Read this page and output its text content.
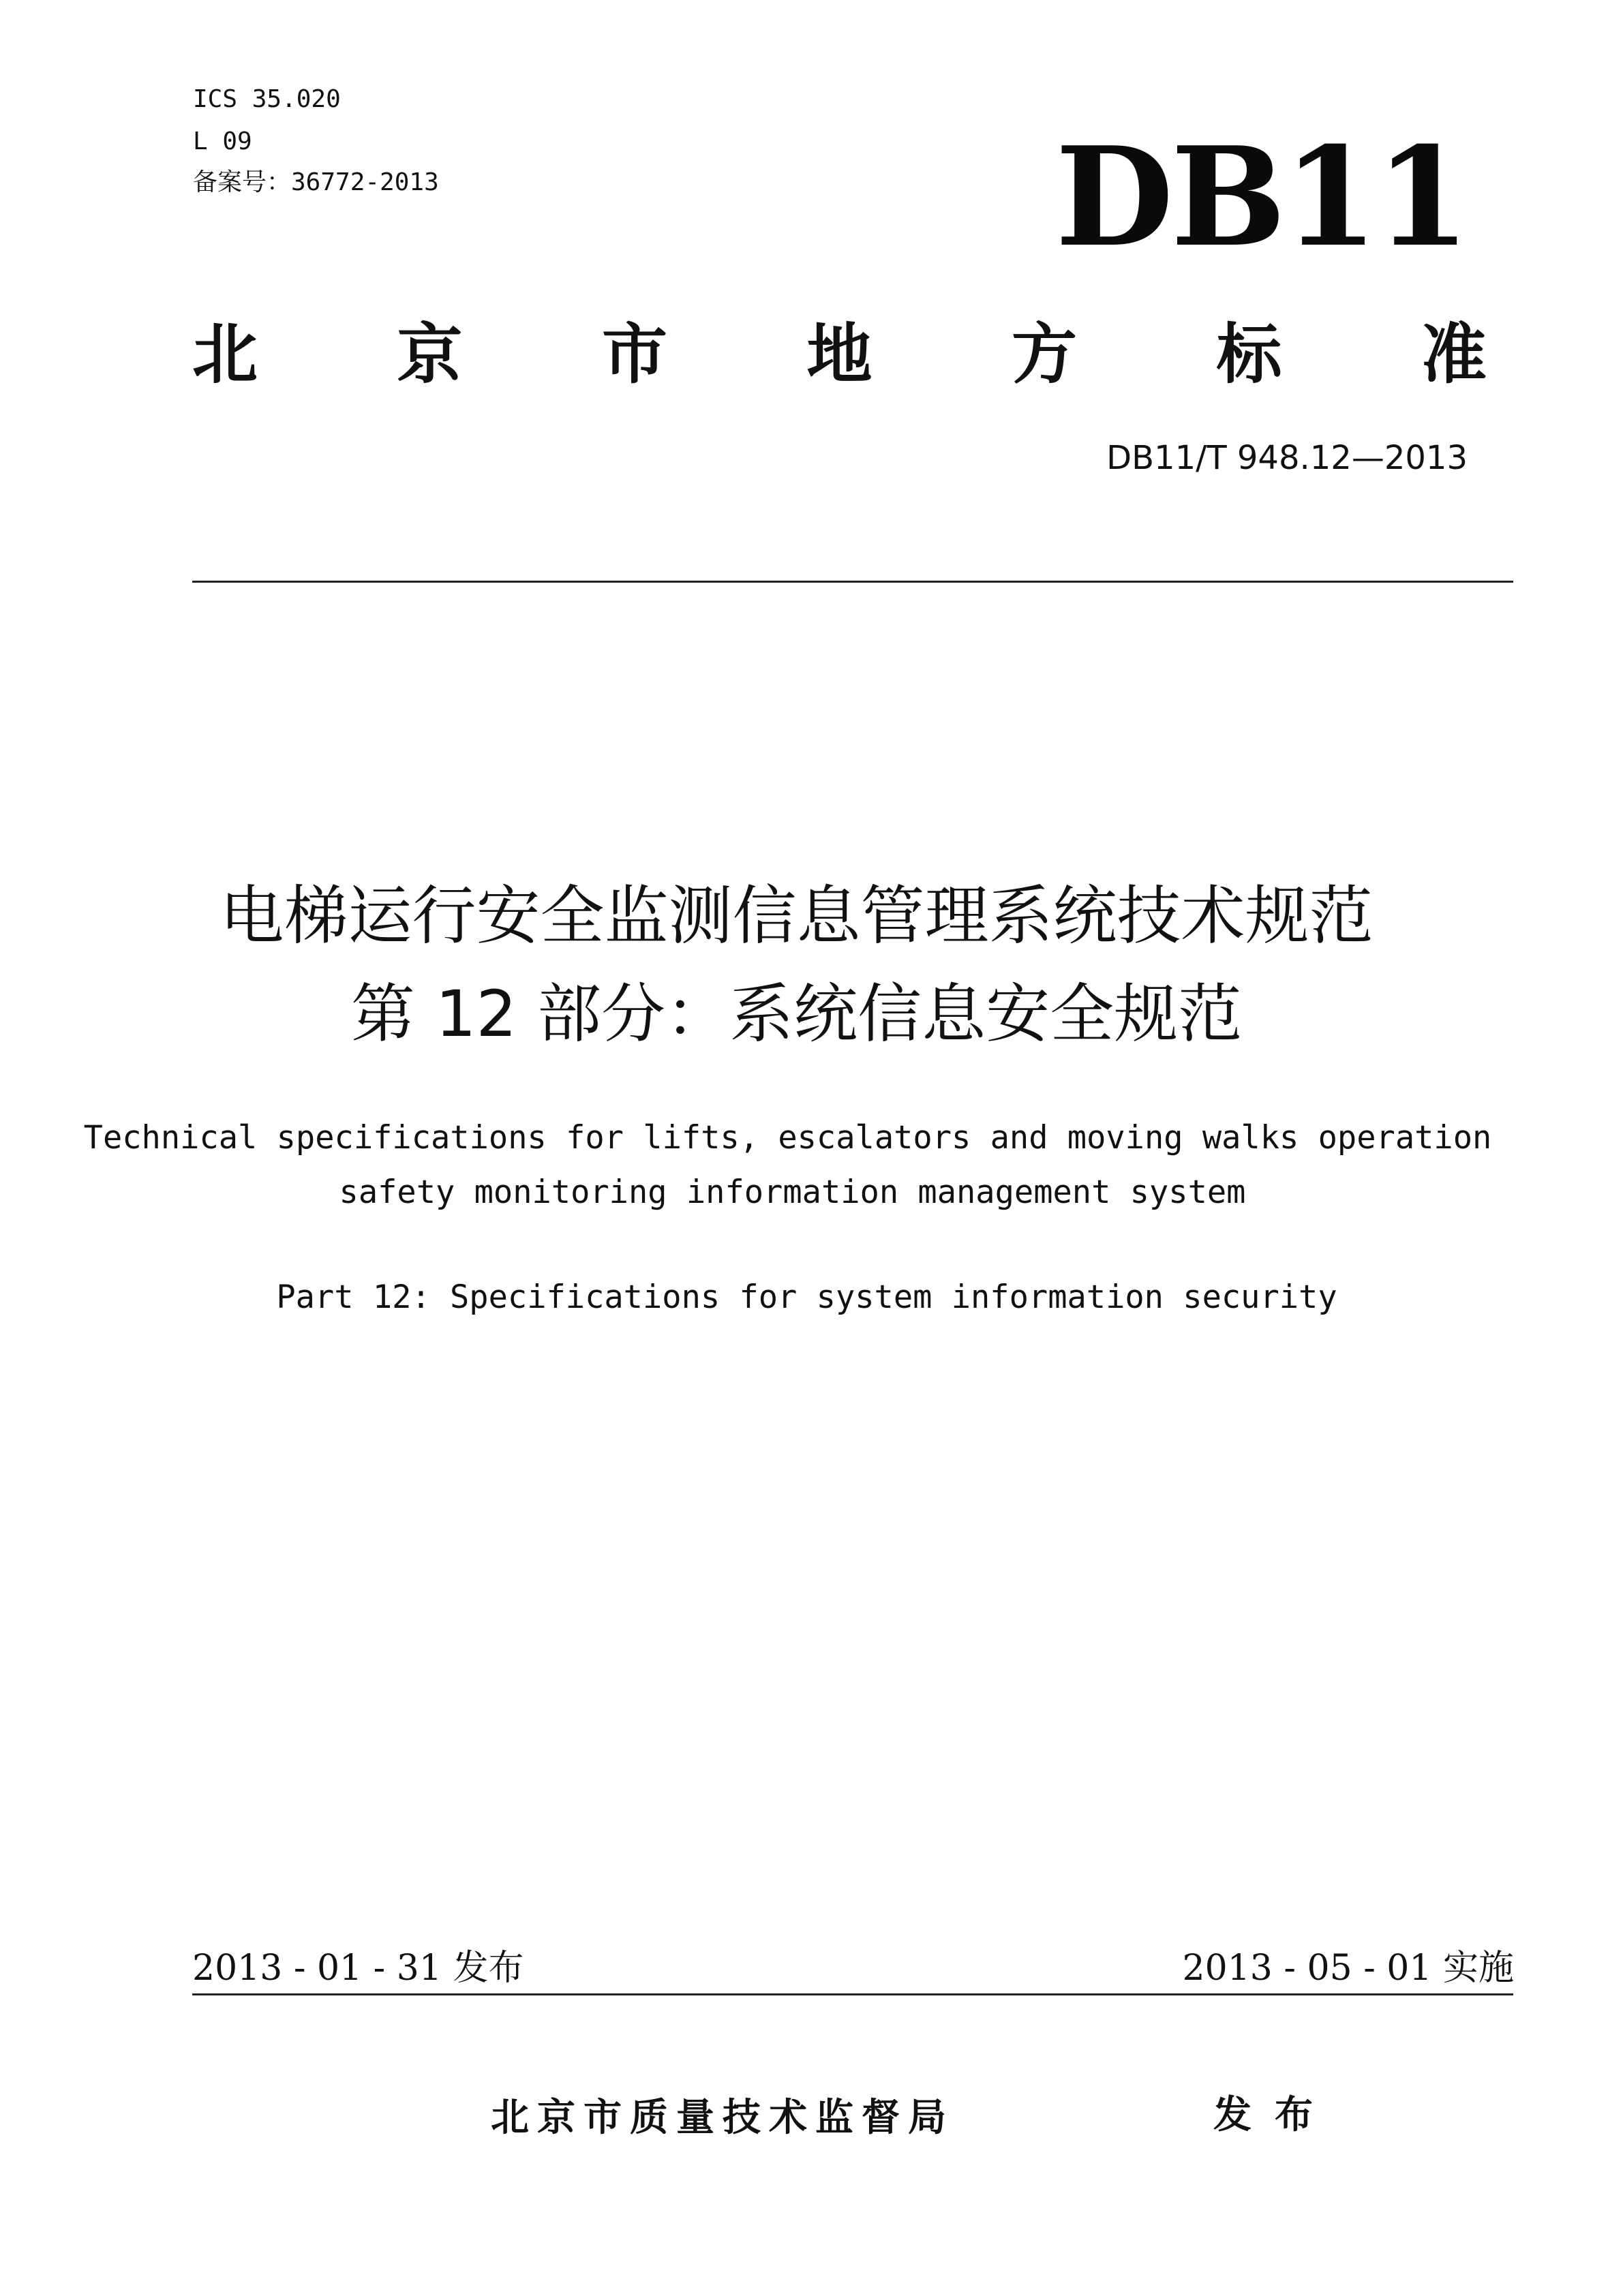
ICS 35.020
L 09
备案号：36772-2013	DB11
北 京 市 地 方 标 准
DB11/T 948.12—2013
电梯运行安全监测信息管理系统技术规范
第 12 部分：系统信息安全规范
Technical specifications for lifts, escalators and moving walks operation
safety monitoring information management system
Part 12: Specifications for system information security
2013 - 01 - 31 发布	2013 - 05 - 01 实施
北京市质量技术监督局	发布
